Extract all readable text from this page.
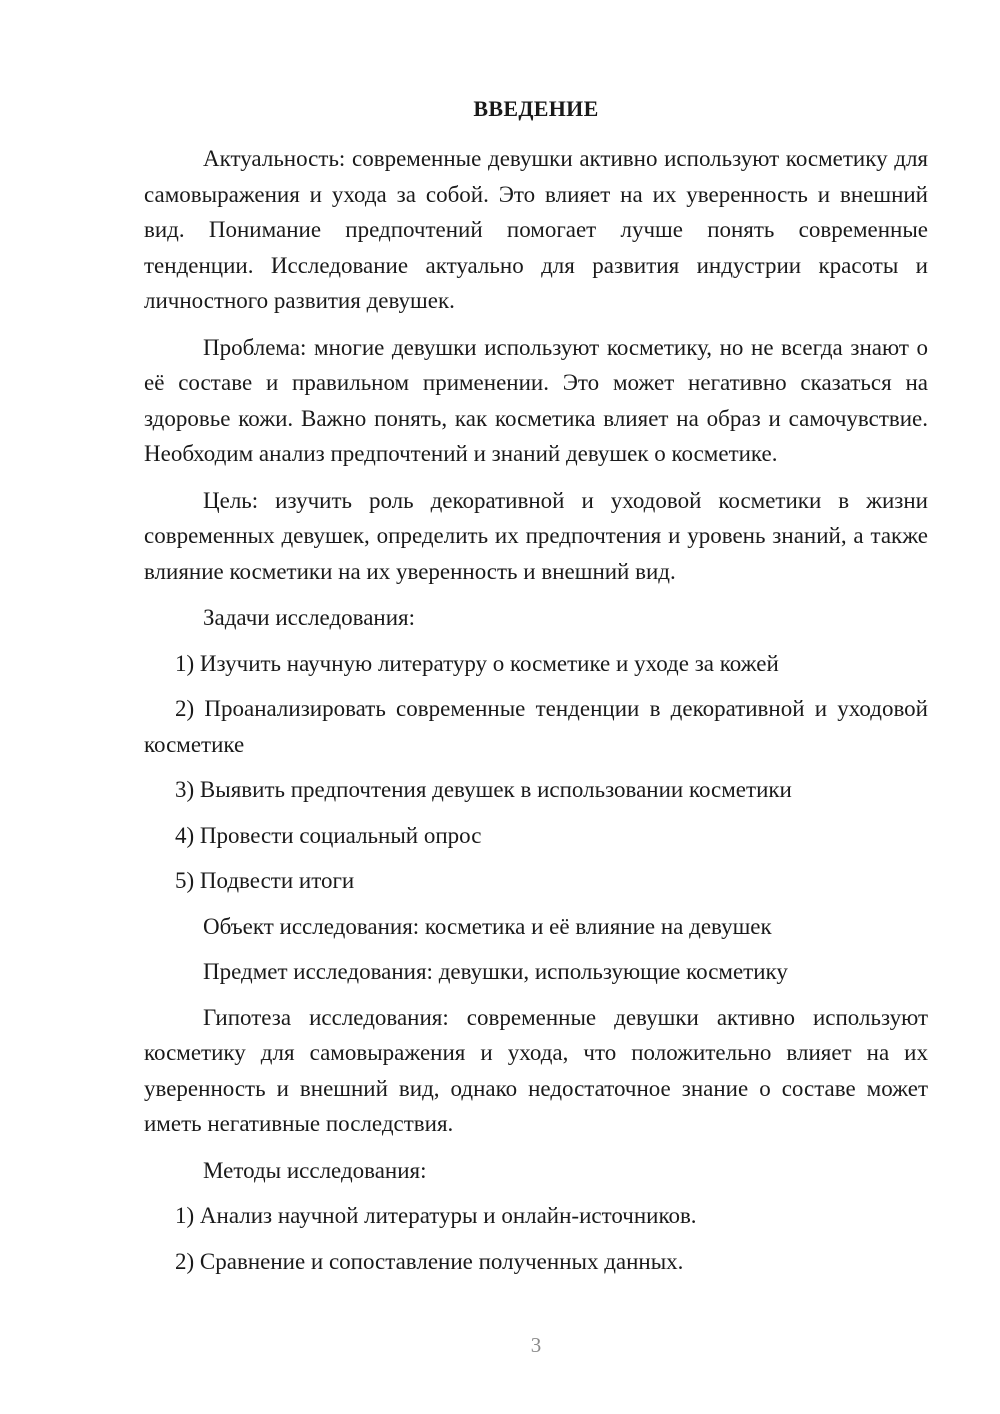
ВВЕДЕНИЕ

Актуальность: современные девушки активно используют косметику для самовыражения и ухода за собой. Это влияет на их уверенность и внешний вид. Понимание предпочтений помогает лучше понять современные тенденции. Исследование актуально для развития индустрии красоты и личностного развития девушек.

Проблема: многие девушки используют косметику, но не всегда знают о её составе и правильном применении. Это может негативно сказаться на здоровье кожи. Важно понять, как косметика влияет на образ и самочувствие. Необходим анализ предпочтений и знаний девушек о косметике.

Цель: изучить роль декоративной и уходовой косметики в жизни современных девушек, определить их предпочтения и уровень знаний, а также влияние косметики на их уверенность и внешний вид.

Задачи исследования:

1) Изучить научную литературу о косметике и уходе за кожей

2) Проанализировать современные тенденции в декоративной и уходовой косметике

3) Выявить предпочтения девушек в использовании косметики

4) Провести социальный опрос

5) Подвести итоги

Объект исследования: косметика и её влияние на девушек

Предмет исследования: девушки, использующие косметику

Гипотеза исследования: современные девушки активно используют косметику для самовыражения и ухода, что положительно влияет на их уверенность и внешний вид, однако недостаточное знание о составе может иметь негативные последствия.

Методы исследования:

1) Анализ научной литературы и онлайн-источников.

2) Сравнение и сопоставление полученных данных.

3
